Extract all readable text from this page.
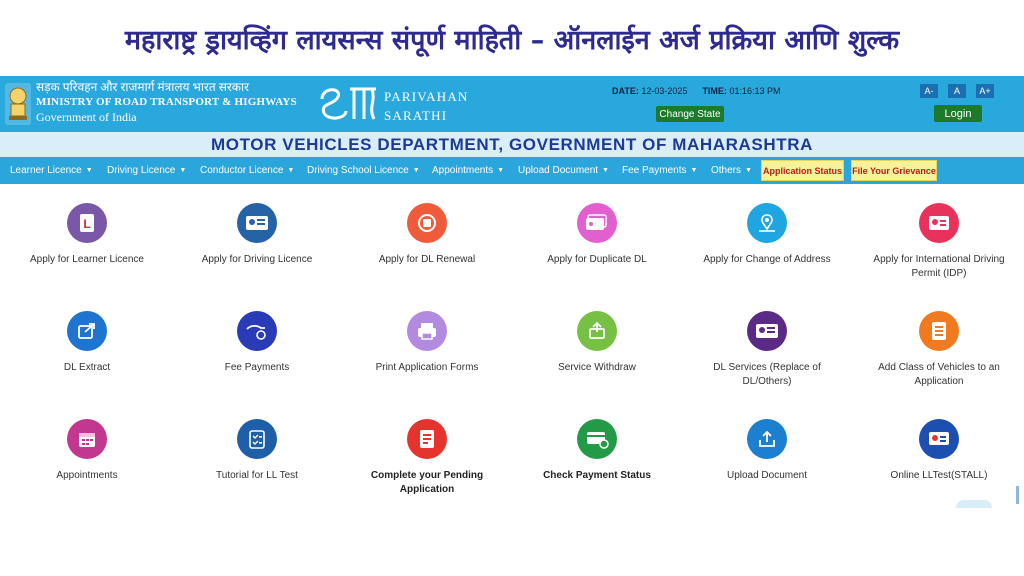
महाराष्ट्र ड्रायव्हिंग लायसन्स संपूर्ण माहिती – ऑनलाईन अर्ज प्रक्रिया आणि शुल्क
सड़क परिवहन और राजमार्ग मंत्रालय भारत सरकार
MINISTRY OF ROAD TRANSPORT & HIGHWAYS
Government of India
PARIVAHAN
SARATHI
DATE: 12-03-2025 TIME: 01:16:13 PM
Change State
A-	A	A+
Login
MOTOR VEHICLES DEPARTMENT, GOVERNMENT OF MAHARASHTRA
Learner Licence ▼ Driving Licence ▼ Conductor Licence ▼ Driving School Licence ▼ Appointments ▼ Upload Document ▼ Fee Payments ▼ Others ▼ Application Status File Your Grievance
L
Apply for Learner Licence	Apply for Driving Licence	Apply for DL Renewal	Apply for Duplicate DL	Apply for Change of Address	Apply for International Driving Permit (IDP)
DL Extract	Fee Payments	Print Application Forms	Service Withdraw	DL Services (Replace of DL/Others)
Add Class of Vehicles to an Application
Appointments	Tutorial for LL Test	Complete your Pending Application
Check Payment Status	Upload Document	Online LLTest(STALL)
